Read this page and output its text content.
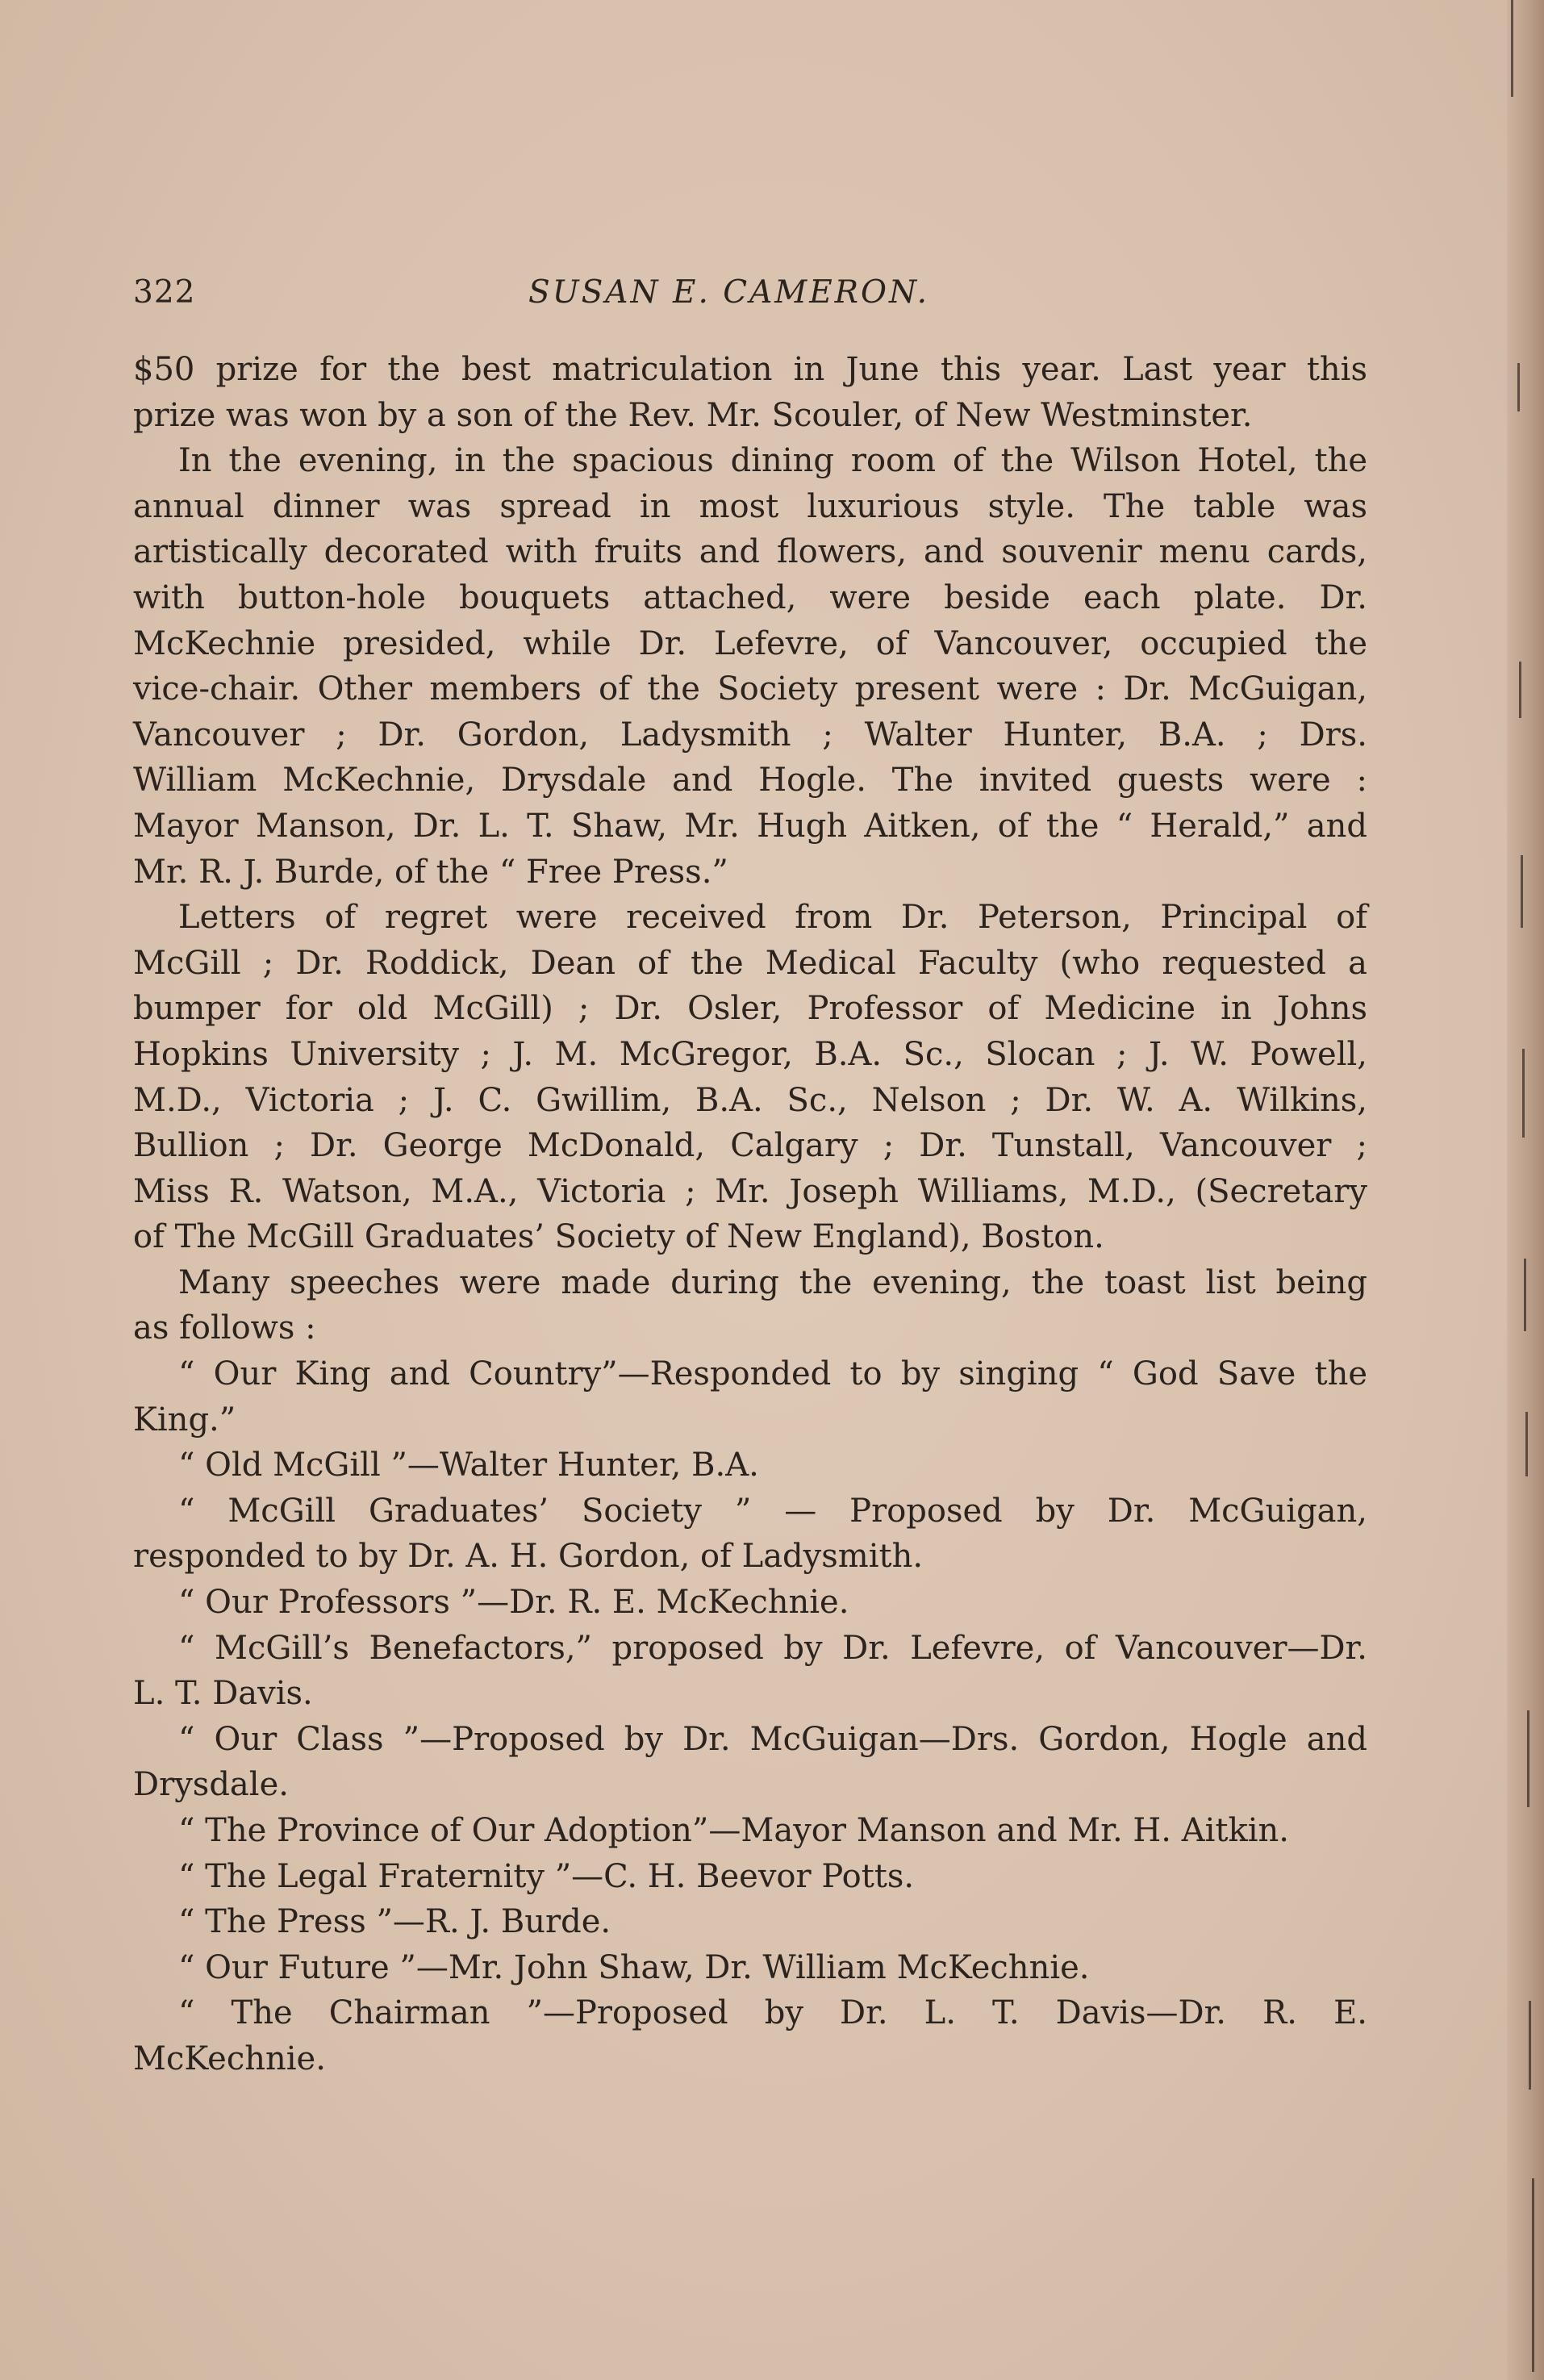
322	SUSAN E. CAMERON.
$50 prize for the best matriculation in June this year. Last year this
prize was won by a son of the Rev. Mr. Scouler, of New Westminster.
In the evening, in the spacious dining room of the Wilson Hotel, the
annual dinner was spread in most luxurious style. The table was
artistically decorated with fruits and flowers, and souvenir menu cards,
with button-hole bouquets attached, were beside each plate. Dr.
McKechnie presided, while Dr. Lefevre, of Vancouver, occupied the
vice-chair. Other members of the Society present were : Dr. McGuigan,
Vancouver ; Dr. Gordon, Ladysmith ; Walter Hunter, B.A. ; Drs.
William McKechnie, Drysdale and Hogle. The invited guests were :
Mayor Manson, Dr. L. T. Shaw, Mr. Hugh Aitken, of the “ Herald,” and
Mr. R. J. Burde, of the “ Free Press.”
Letters of regret were received from Dr. Peterson, Principal of
McGill ; Dr. Roddick, Dean of the Medical Faculty (who requested a
bumper for old McGill) ; Dr. Osler, Professor of Medicine in Johns
Hopkins University ; J. M. McGregor, B.A. Sc., Slocan ; J. W. Powell,
M.D., Victoria ; J. C. Gwillim, B.A. Sc., Nelson ; Dr. W. A. Wilkins,
Bullion ; Dr. George McDonald, Calgary ; Dr. Tunstall, Vancouver ;
Miss R. Watson, M.A., Victoria ; Mr. Joseph Williams, M.D., (Secretary
of The McGill Graduates’ Society of New England), Boston.
Many speeches were made during the evening, the toast list being
as follows :
“ Our King and Country”—Responded to by singing “ God Save the
King.”
“ Old McGill ”—Walter Hunter, B.A.
“ McGill Graduates’ Society ” — Proposed by Dr. McGuigan,
responded to by Dr. A. H. Gordon, of Ladysmith.
“ Our Professors ”—Dr. R. E. McKechnie.
“ McGill’s Benefactors,” proposed by Dr. Lefevre, of Vancouver—Dr.
L. T. Davis.
“ Our Class ”—Proposed by Dr. McGuigan—Drs. Gordon, Hogle and
Drysdale.
“ The Province of Our Adoption”—Mayor Manson and Mr. H. Aitkin.
“ The Legal Fraternity ”—C. H. Beevor Potts.
“ The Press ”—R. J. Burde.
“ Our Future ”—Mr. John Shaw, Dr. William McKechnie.
“ The Chairman ”—Proposed by Dr. L. T. Davis—Dr. R. E.
McKechnie.
